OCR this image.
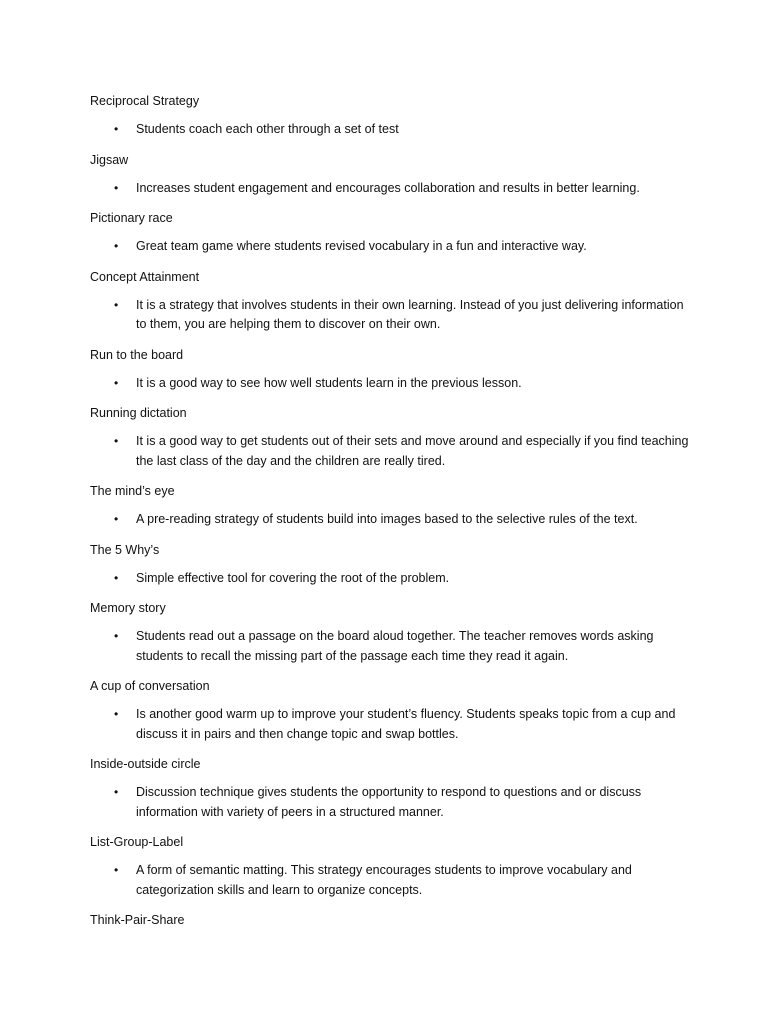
Reciprocal Strategy
•	Students coach each other through a set of test
Jigsaw
•	Increases student engagement and encourages collaboration and results in better learning.
Pictionary race
•	Great team game where students revised vocabulary in a fun and interactive way.
Concept Attainment
•	It is a strategy that involves students in their own learning. Instead of you just delivering information to them, you are helping them to discover on their own.
Run to the board
•	It is a good way to see how well students learn in the previous lesson.
Running dictation
•	It is a good way to get students out of their sets and move around and especially if you find teaching the last class of the day and the children are really tired.
The mind’s eye
•	A pre-reading strategy of students build into images based to the selective rules of the text.
The 5 Why’s
•	Simple effective tool for covering the root of the problem.
Memory story
•	Students read out a passage on the board aloud together. The teacher removes words asking students to recall the missing part of the passage each time they read it again.
A cup of conversation
•	Is another good warm up to improve your student’s fluency. Students speaks topic from a cup and discuss it in pairs and then change topic and swap bottles.
Inside-outside circle
•	Discussion technique gives students the opportunity to respond to questions and or discuss information with variety of peers in a structured manner.
List-Group-Label
•	A form of semantic matting. This strategy encourages students to improve vocabulary and categorization skills and learn to organize concepts.
Think-Pair-Share
